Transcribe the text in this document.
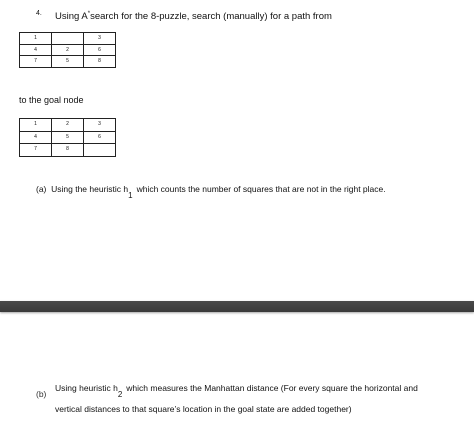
4. Using A*search for the 8-puzzle, search (manually) for a path from
1		3
4	2	6
7	5	8
to the goal node
1	2	3
4	5	6
7	8	
(a) Using the heuristic $h_1which$ counts the number of squares that are not in the right place.
(b)
Using heuristic $h_2which$ measures the Manhattan distance (For every square the horizontal and
vertical distances to that square’s location in the goal state are added together)
